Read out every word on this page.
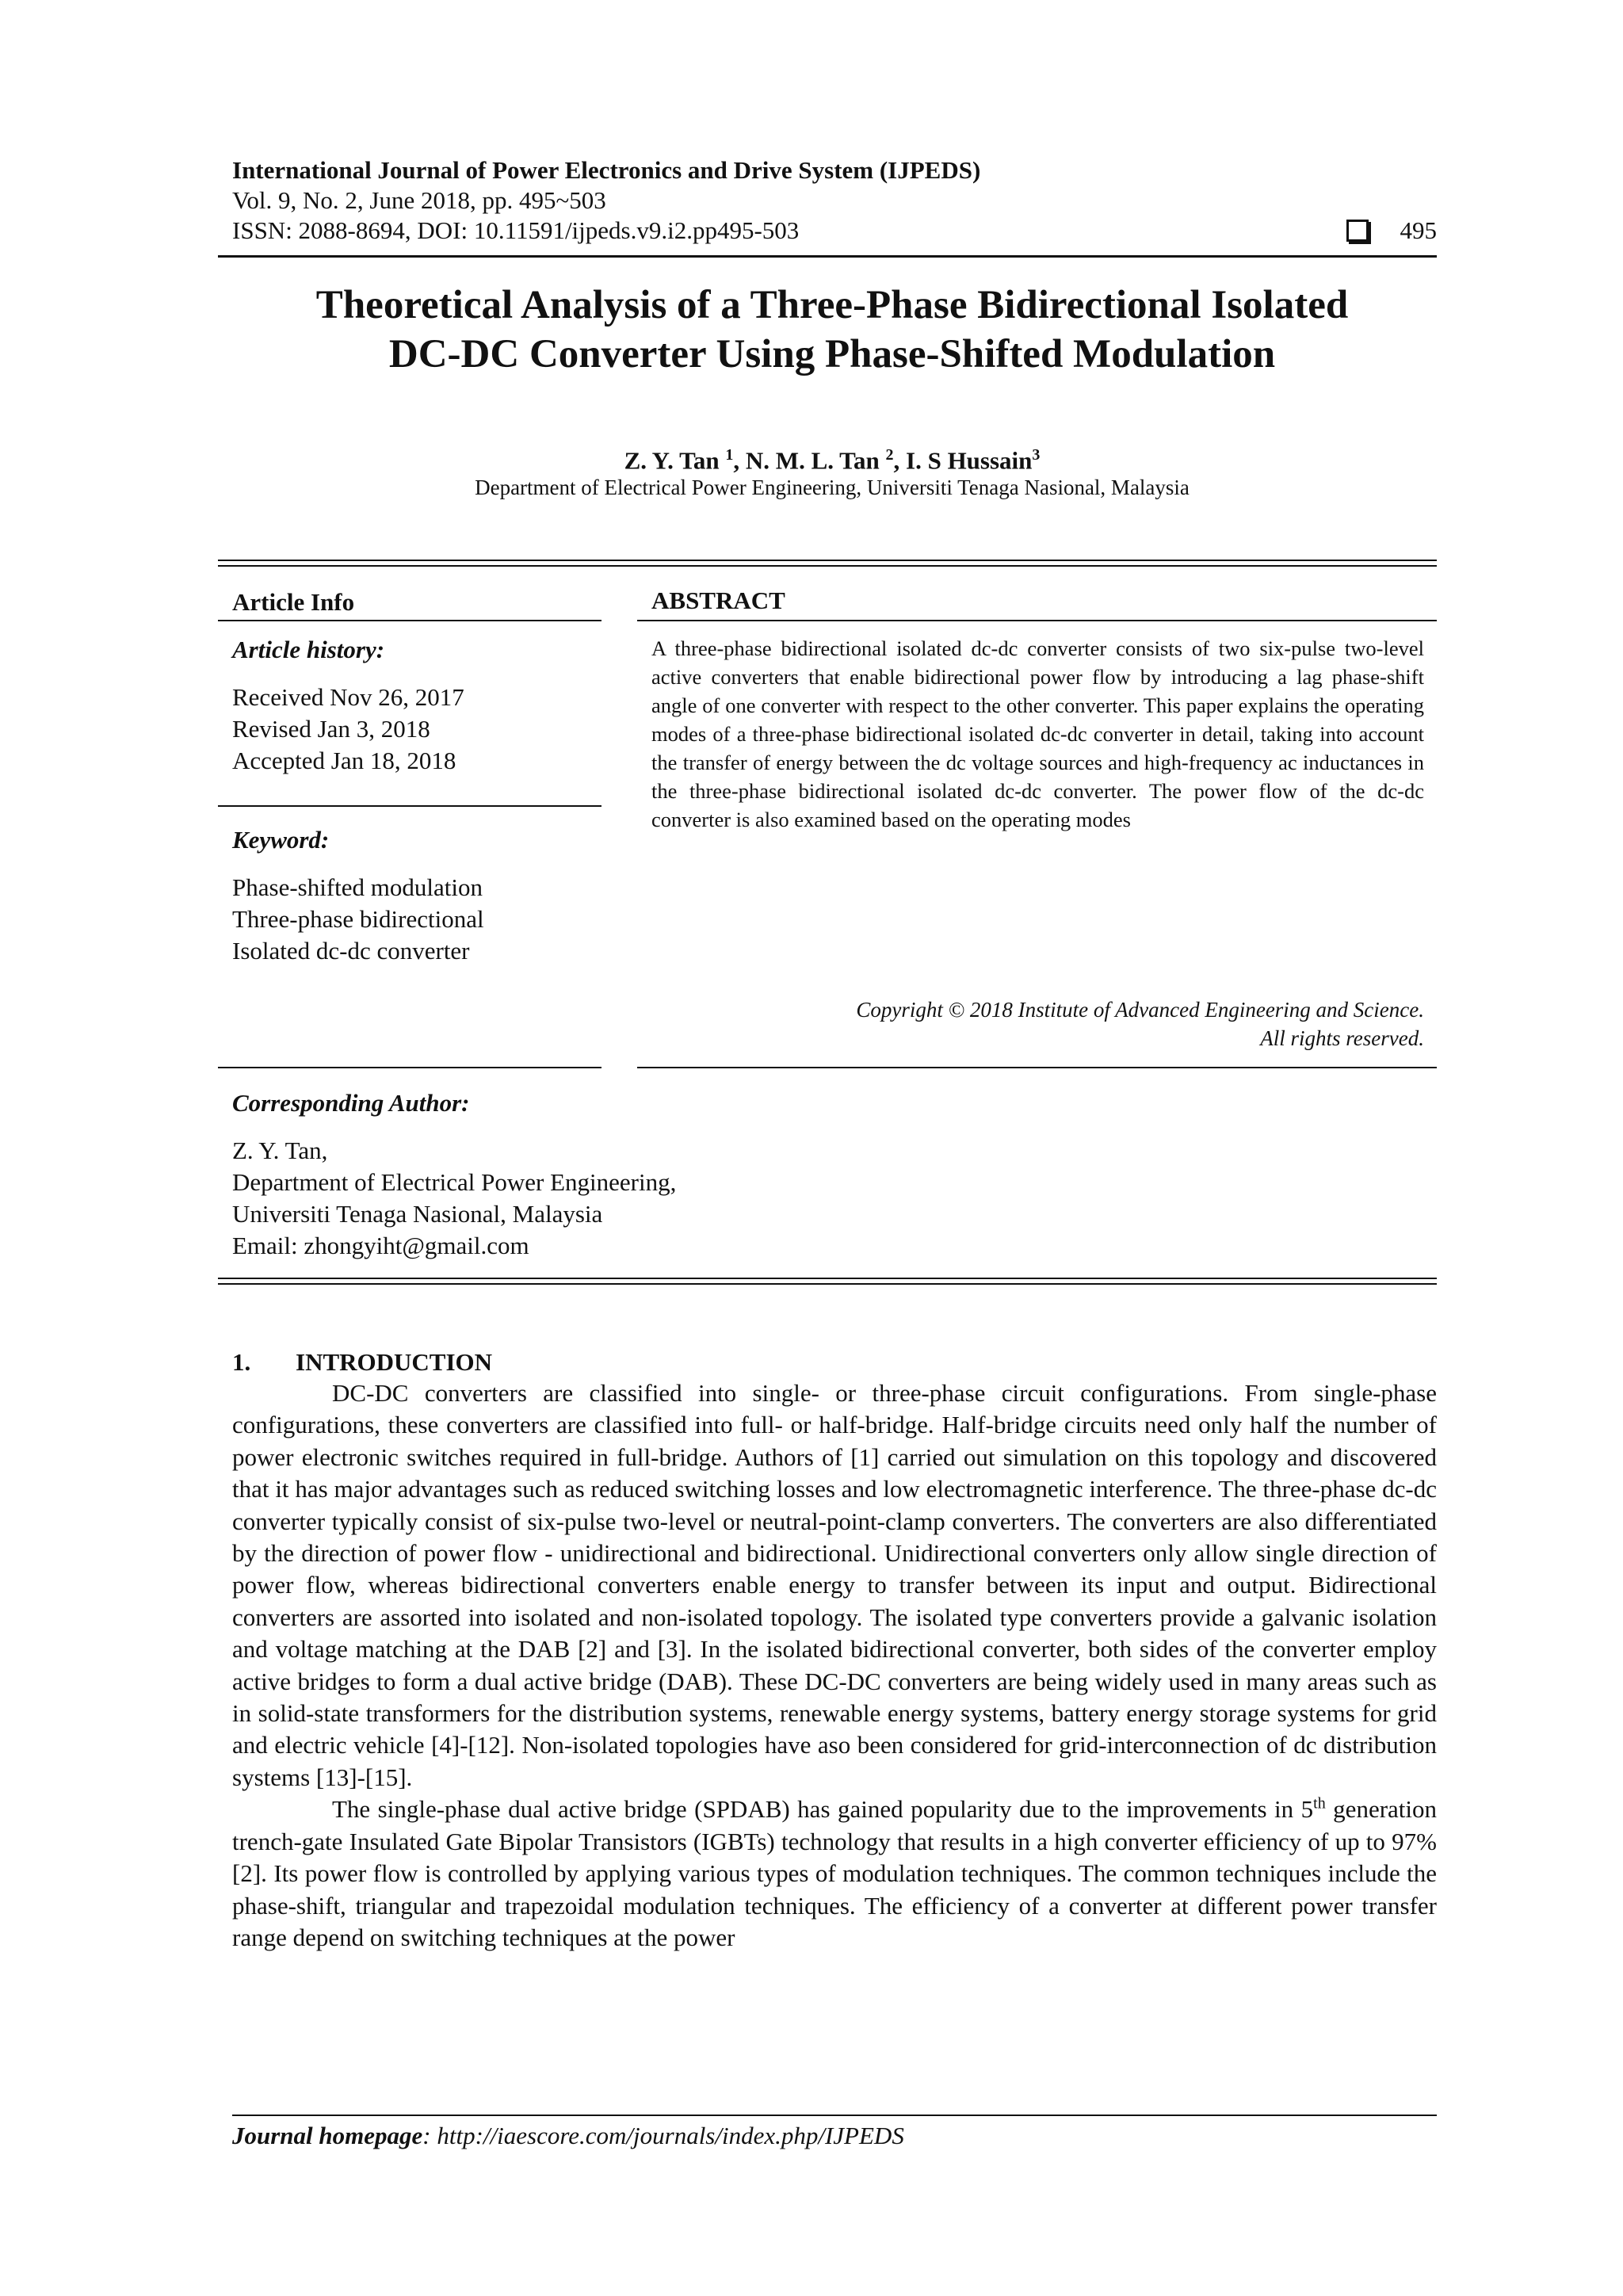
International Journal of Power Electronics and Drive System (IJPEDS)
Vol. 9, No. 2, June 2018, pp. 495~503
ISSN: 2088-8694, DOI: 10.11591/ijpeds.v9.i2.pp495-503	495
Theoretical Analysis of a Three-Phase Bidirectional Isolated
DC-DC Converter Using Phase-Shifted Modulation
Z. Y. Tan $^1$, N. M. L. Tan $^2$, I. S Hussain$^3$
Department of Electrical Power Engineering, Universiti Tenaga Nasional, Malaysia
Article Info
Article history:
Received Nov 26, 2017
Revised Jan 3, 2018
Accepted Jan 18, 2018
Keyword:
Phase-shifted modulation
Three-phase bidirectional
Isolated dc-dc converter
ABSTRACT
A three-phase bidirectional isolated dc-dc converter consists of two six-pulse two-level active converters that enable bidirectional power flow by introducing a lag phase-shift angle of one converter with respect to the other converter. This paper explains the operating modes of a three-phase bidirectional isolated dc-dc converter in detail, taking into account the transfer of energy between the dc voltage sources and high-frequency ac inductances in the three-phase bidirectional isolated dc-dc converter. The power flow of the dc-dc converter is also examined based on the operating modes
Copyright © 2018 Institute of Advanced Engineering and Science.
All rights reserved.
Corresponding Author:
Z. Y. Tan,
Department of Electrical Power Engineering,
Universiti Tenaga Nasional, Malaysia
Email: zhongyiht@gmail.com
1. INTRODUCTION

DC-DC converters are classified into single- or three-phase circuit configurations. From single-phase configurations, these converters are classified into full- or half-bridge. Half-bridge circuits need only half the number of power electronic switches required in full-bridge. Authors of [1] carried out simulation on this topology and discovered that it has major advantages such as reduced switching losses and low electromagnetic interference. The three-phase dc-dc converter typically consist of six-pulse two-level or neutral-point-clamp converters. The converters are also differentiated by the direction of power flow - unidirectional and bidirectional. Unidirectional converters only allow single direction of power flow, whereas bidirectional converters enable energy to transfer between its input and output. Bidirectional converters are assorted into isolated and non-isolated topology. The isolated type converters provide a galvanic isolation and voltage matching at the DAB [2] and [3]. In the isolated bidirectional converter, both sides of the converter employ active bridges to form a dual active bridge (DAB). These DC-DC converters are being widely used in many areas such as in solid-state transformers for the distribution systems, renewable energy systems, battery energy storage systems for grid and electric vehicle [4]-[12]. Non-isolated topologies have aso been considered for grid-interconnection of dc distribution systems [13]-[15].

The single-phase dual active bridge (SPDAB) has gained popularity due to the improvements in 5th generation trench-gate Insulated Gate Bipolar Transistors (IGBTs) technology that results in a high converter efficiency of up to 97% [2]. Its power flow is controlled by applying various types of modulation techniques. The common techniques include the phase-shift, triangular and trapezoidal modulation techniques. The efficiency of a converter at different power transfer range depend on switching techniques at the power

Journal homepage: http://iaescore.com/journals/index.php/IJPEDS
